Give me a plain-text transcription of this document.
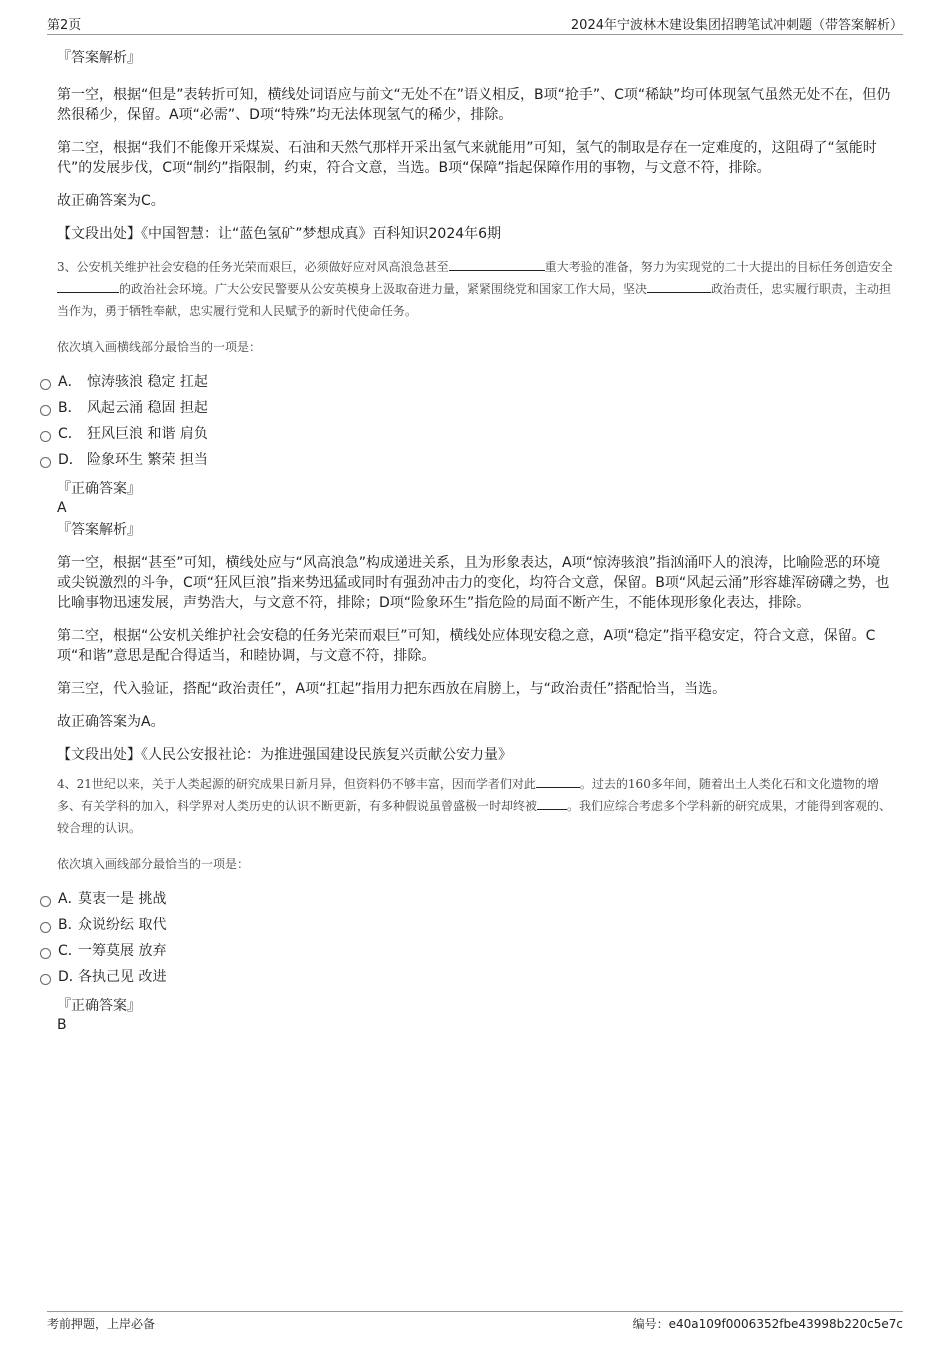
第2页	2024年宁波林木建设集团招聘笔试冲刺题（带答案解析）

『答案解析』

第一空，根据“但是”表转折可知，横线处词语应与前文“无处不在”语义相反，B项“抢手”、C项“稀缺”均可体现氢气虽然无处不在，但仍然很稀少，保留。A项“必需”、D项“特殊”均无法体现氢气的稀少，排除。

第二空，根据“我们不能像开采煤炭、石油和天然气那样开采出氢气来就能用”可知，氢气的制取是存在一定难度的，这阻碍了“氢能时代”的发展步伐，C项“制约”指限制，约束，符合文意，当选。B项“保障”指起保障作用的事物，与文意不符，排除。

故正确答案为C。

【文段出处】《中国智慧：让“蓝色氢矿”梦想成真》百科知识2024年6期

3、公安机关维护社会安稳的任务光荣而艰巨，必须做好应对风高浪急甚至	重大考验的准备，努力为实现党的二十大提出的目标任务创造安全的政治社会环境。广大公安民警要从公安英模身上汲取奋进力量，紧紧围绕党和国家工作大局，坚决	政治责任，忠实履行职责，主动担当作为，勇于牺牲奉献，忠实履行党和人民赋予的新时代使命任务。

依次填入画横线部分最恰当的一项是：

A． 惊涛骇浪 稳定 扛起
B． 风起云涌 稳固 担起
C． 狂风巨浪 和谐 肩负
D． 险象环生 繁荣 担当

『正确答案』

A

『答案解析』

第一空，根据“甚至”可知，横线处应与“风高浪急”构成递进关系，且为形象表达，A项“惊涛骇浪”指汹涌吓人的浪涛，比喻险恶的环境或尖锐激烈的斗争，C项“狂风巨浪”指来势迅猛或同时有强劲冲击力的变化，均符合文意，保留。B项“风起云涌”形容雄浑磅礴之势，也比喻事物迅速发展，声势浩大，与文意不符，排除；D项“险象环生”指危险的局面不断产生，不能体现形象化表达，排除。

第二空，根据“公安机关维护社会安稳的任务光荣而艰巨”可知，横线处应体现安稳之意，A项“稳定”指平稳安定，符合文意，保留。C项“和谐”意思是配合得适当，和睦协调，与文意不符，排除。

第三空，代入验证，搭配“政治责任”，A项“扛起”指用力把东西放在肩膀上，与“政治责任”搭配恰当，当选。

故正确答案为A。

【文段出处】《人民公安报社论：为推进强国建设民族复兴贡献公安力量》

4、21世纪以来，关于人类起源的研究成果日新月异，但资料仍不够丰富，因而学者们对此	。过去的160多年间，随着出土人类化石和文化遗物的增多、有关学科的加入，科学界对人类历史的认识不断更新，有多种假说虽曾盛极一时却终被	。我们应综合考虑多个学科新的研究成果，才能得到客观的、较合理的认识。

依次填入画线部分最恰当的一项是：

A．
莫衷一是 挑战
B．
众说纷纭 取代
C．
一筹莫展 放弃
D．
各执己见 改进

『正确答案』

B

考前押题，上岸必备	编号：e40a109f0006352fbe43998b220c5e7c
